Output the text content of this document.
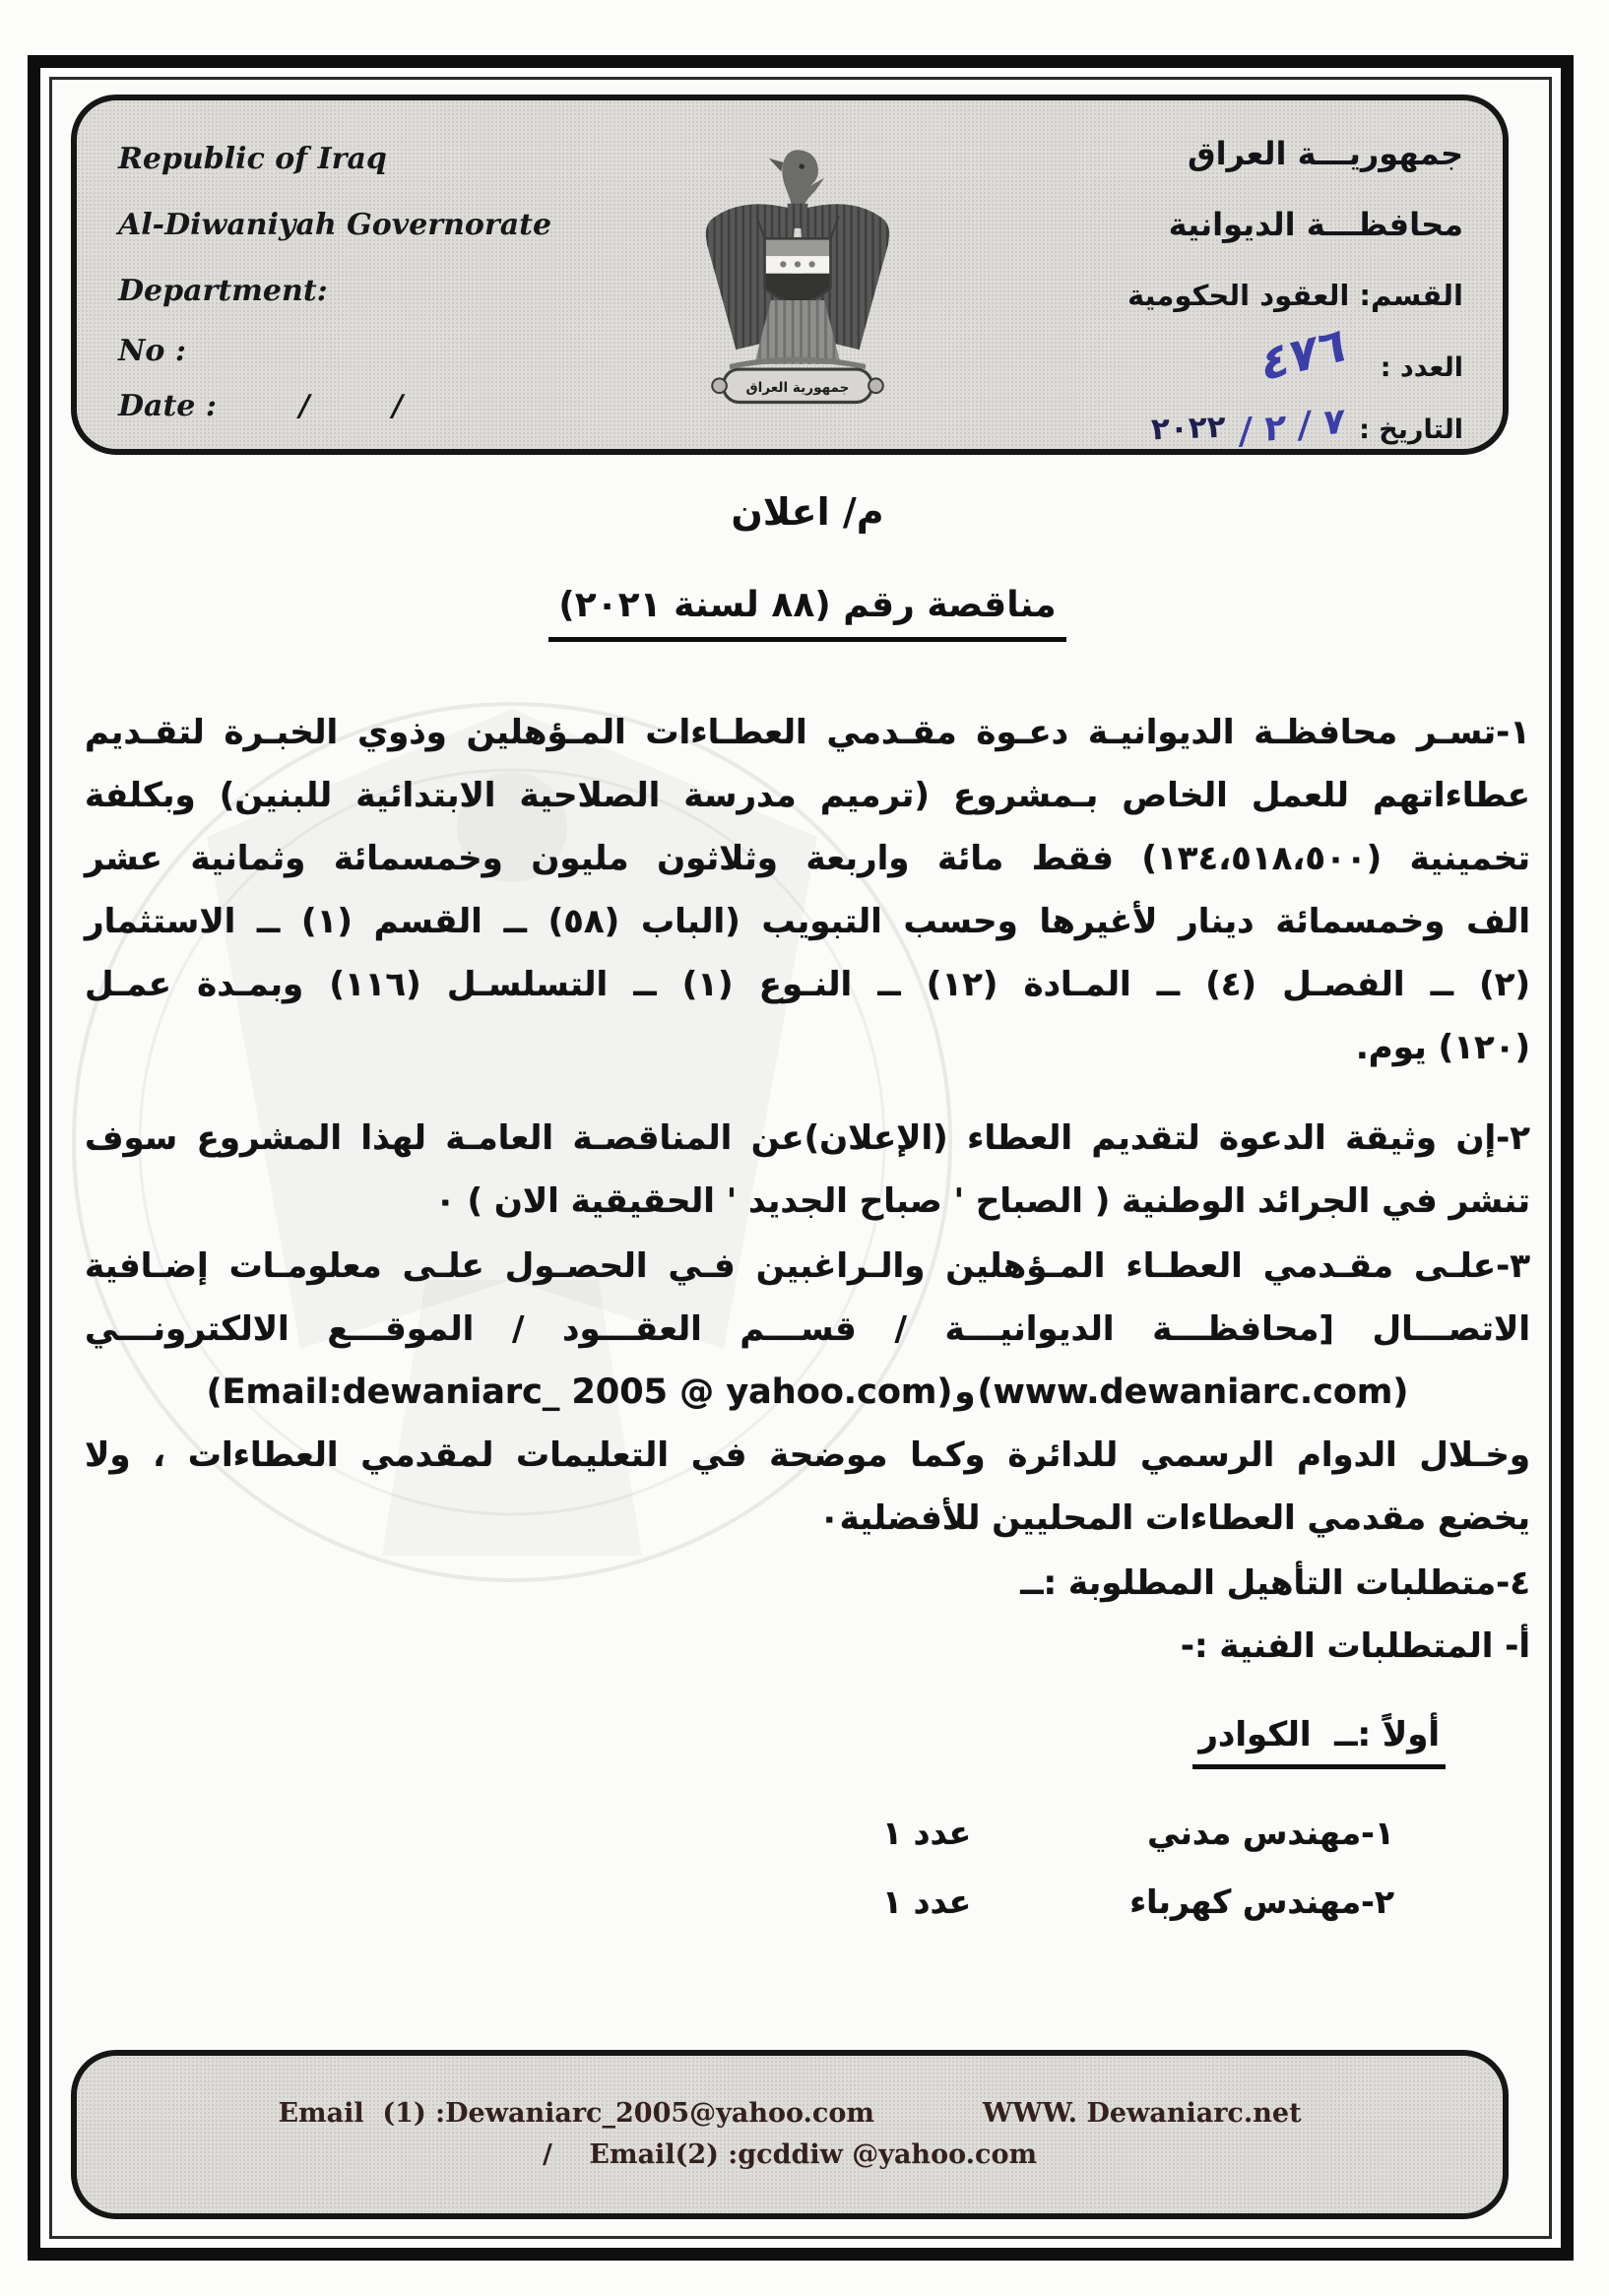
Republic of Iraq
Al-Diwaniyah Governorate
Department:
No :
Date :        /        /
جمهوريـــة العراق
محافظـــة الديوانية
القسم: العقود الحكومية
العدد :٤٧٦
التاريخ :٧ / ٢ /٢٠٢٢
جمهورية العراق
م/ اعلان
مناقصة رقم (٨٨ لسنة ٢٠٢١)
١-تسـر محافظـة الديوانيـة دعـوة مقـدمي العطـاءات المـؤهلين وذوي الخبـرة لتقـديم
عطاءاتهم للعمل الخاص بـمشروع (ترميم مدرسة الصلاحية الابتدائية للبنين) وبكلفة
تخمينية (١٣٤،٥١٨،٥٠٠) فقط مائة واربعة وثلاثون مليون وخمسمائة وثمانية عشر
الف وخمسمائة دينار لأغيرها وحسب التبويب (الباب (٥٨) ــ القسم (١) ــ الاستثمار
(٢) ــ الفصـل (٤) ــ المـادة (١٢) ــ النـوع (١) ــ التسلسـل (١١٦) وبمـدة عمـل
(١٢٠) يوم.
٢-إن وثيقة الدعوة لتقديم العطاء (الإعلان)عن المناقصـة العامـة لهذا المشروع سوف
تنشر في الجرائد الوطنية ( الصباح ' صباح الجديد ' الحقيقية الان ) ٠
٣-علـى مقـدمي العطـاء المـؤهلين والـراغبين فـي الحصـول علـى معلومـات إضـافية
الاتصـــال [محافظـــة الديوانيـــة / قســـم العقـــود / الموقـــع الالكترونـــي
(www.dewaniarc.com)و(Email:dewaniarc_ 2005 @ yahoo.com)
وخـلال الدوام الرسمي للدائرة وكما موضحة في التعليمات لمقدمي العطاءات ، ولا
يخضع مقدمي العطاءات المحليين للأفضلية٠
٤-متطلبات التأهيل المطلوبة :ــ
أ- المتطلبات الفنية :-
أولاً :ــ  الكوادر
١-مهندس مدني
عدد ١
٢-مهندس كهرباء
عدد ١
Email  (1) :Dewaniarc_2005@yahoo.com	WWW. Dewaniarc.net
/    Email(2) :gcddiw @yahoo.com
